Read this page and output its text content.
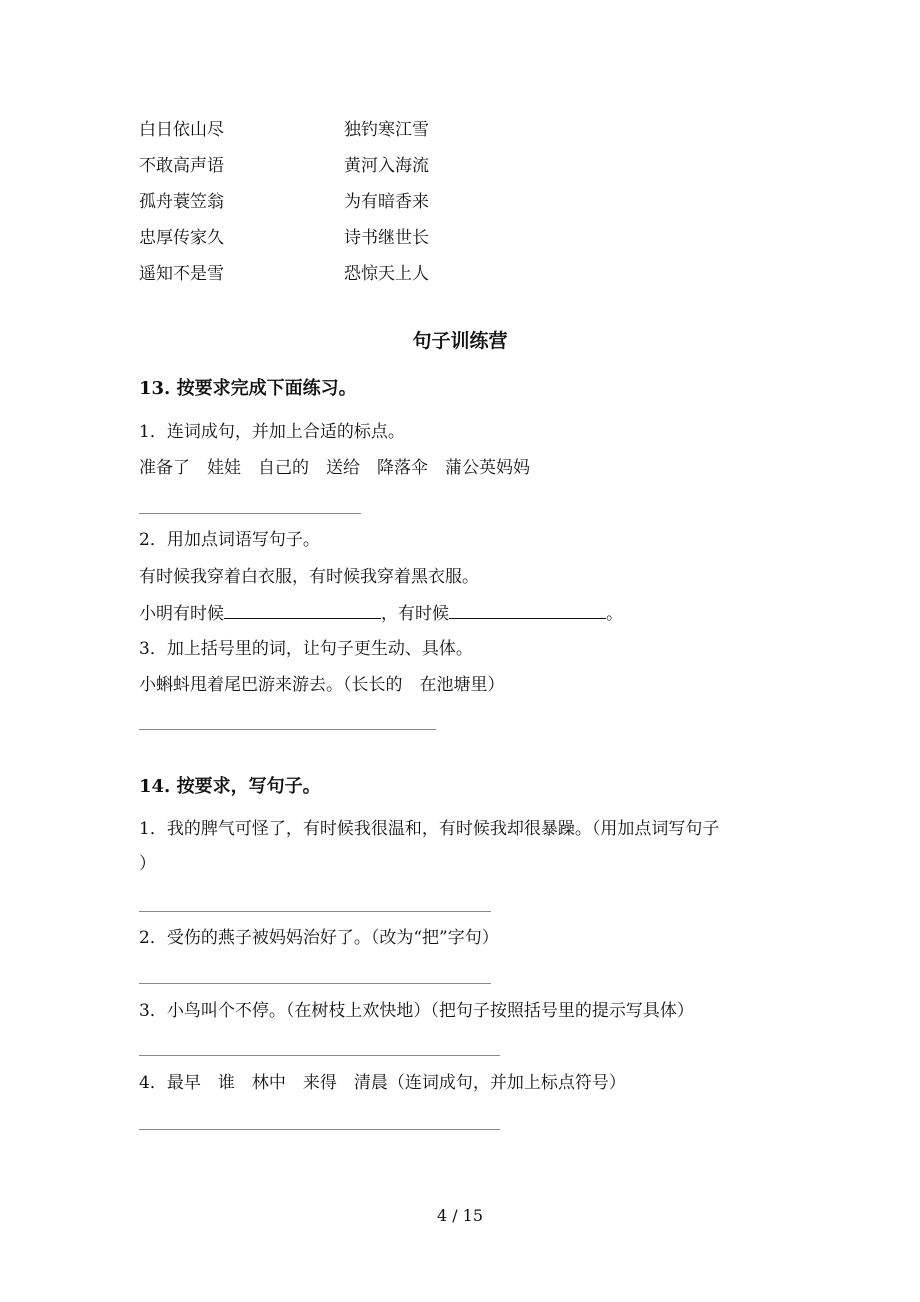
白日依山尽	独钓寒江雪
不敢高声语	黄河入海流
孤舟蓑笠翁	为有暗香来
忠厚传家久	诗书继世长
遥知不是雪	恐惊天上人
句子训练营
13. 按要求完成下面练习。
1．连词成句，并加上合适的标点。
准备了 娃娃 自己的 送给 降落伞 蒲公英妈妈
2．用加点词语写句子。
有时候我穿着白衣服，有时候我穿着黑衣服。
小明有时候	，有时候	。
3．加上括号里的词，让句子更生动、具体。
小蝌蚪甩着尾巴游来游去。（长长的　在池塘里）
14. 按要求，写句子。
1．我的脾气可怪了，有时候我很温和，有时候我却很暴躁。（用加点词写句子
）
2．受伤的燕子被妈妈治好了。（改为“把”字句）
3．小鸟叫个不停。（在树枝上欢快地）（把句子按照括号里的提示写具体）
4．最早　谁　林中　来得　清晨（连词成句，并加上标点符号）
4 / 15
